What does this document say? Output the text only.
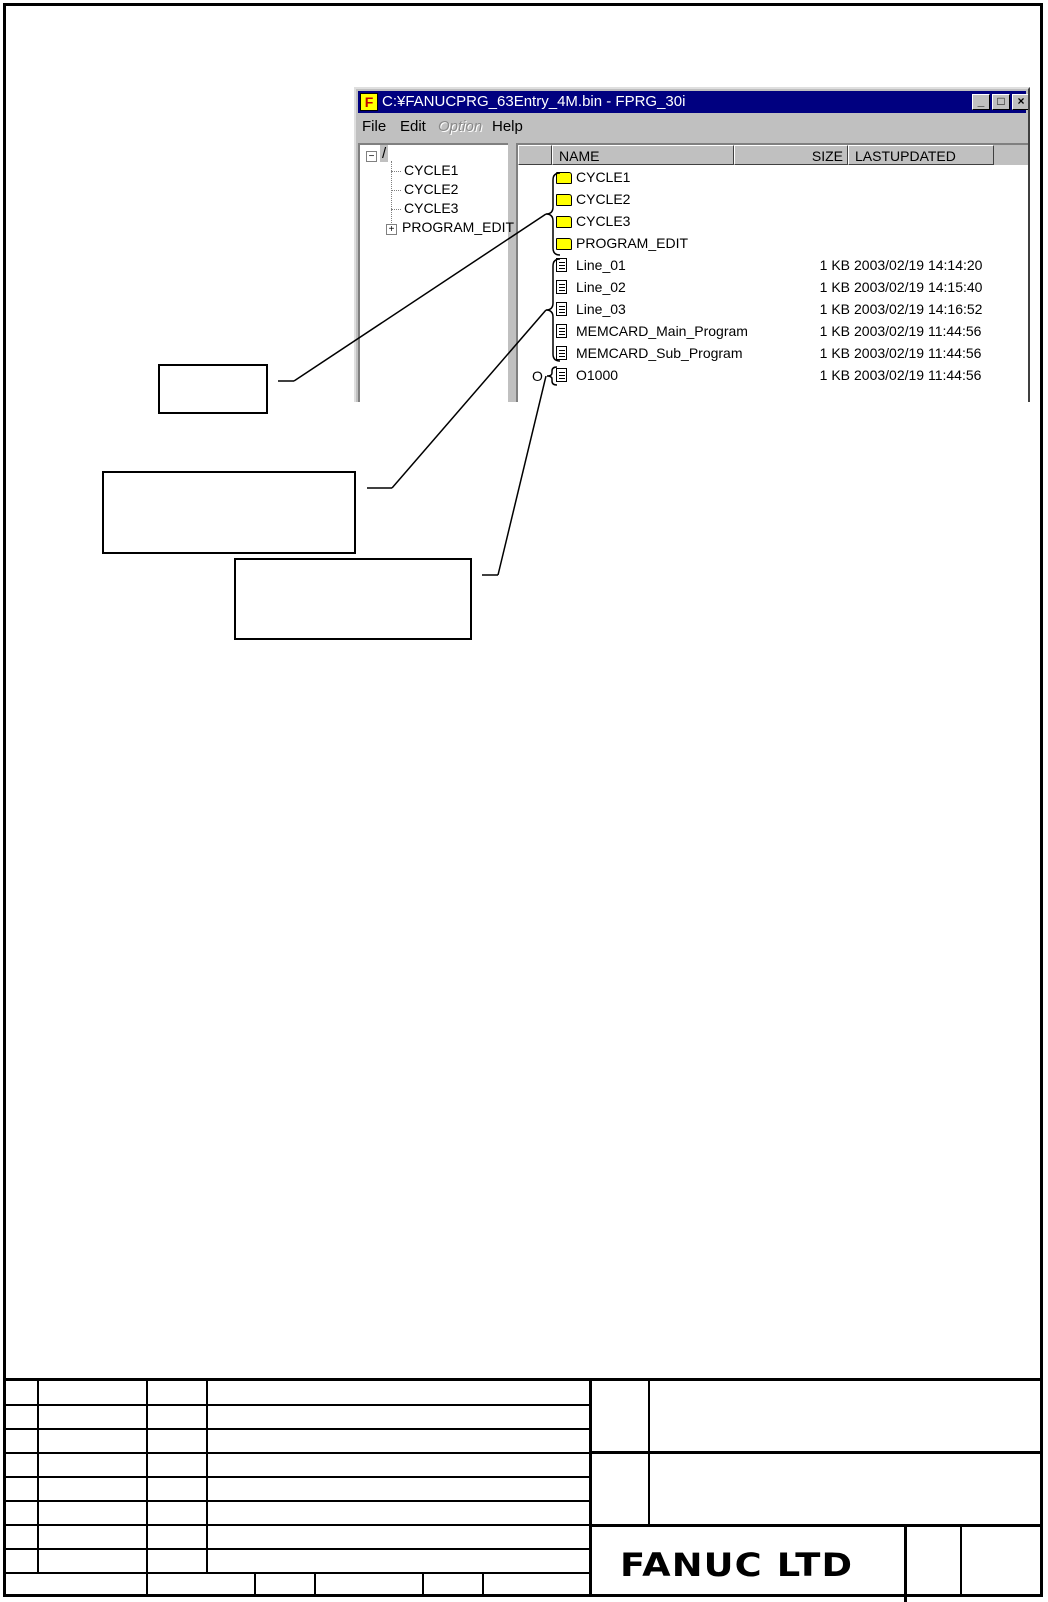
F C:¥FANUCPRG_63Entry_4M.bin - FPRG_30i	_	□	×
File Edit Option Help
− /
CYCLE1
CYCLE2
CYCLE3
+ PROGRAM_EDIT
NAME	SIZE LASTUPDATED
CYCLE1
CYCLE2
CYCLE3
PROGRAM_EDIT
Line_01	1 KB 2003/02/19 14:14:20
Line_02	1 KB 2003/02/19 14:15:40
Line_03	1 KB 2003/02/19 14:16:52
MEMCARD_Main_Program	1 KB 2003/02/19 11:44:56
MEMCARD_Sub_Program	1 KB 2003/02/19 11:44:56
O1000	1 KB 2003/02/19 11:44:56
O
FANUC LTD
